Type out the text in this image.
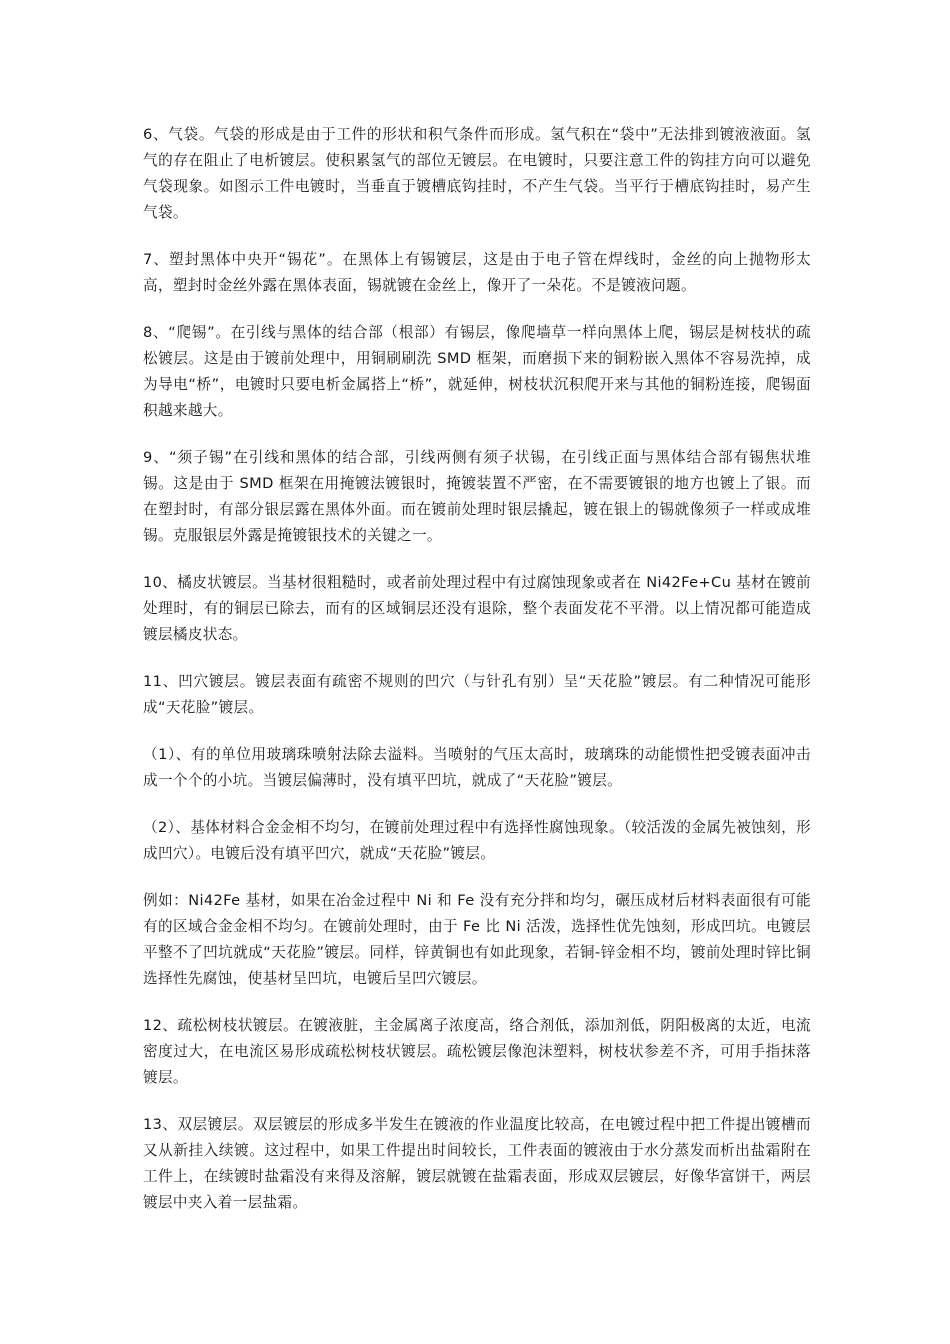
6、气袋。气袋的形成是由于工件的形状和积气条件而形成。氢气积在“袋中”无法排到镀液液面。氢气的存在阻止了电析镀层。使积累氢气的部位无镀层。在电镀时，只要注意工件的钩挂方向可以避免气袋现象。如图示工件电镀时，当垂直于镀槽底钩挂时，不产生气袋。当平行于槽底钩挂时，易产生气袋。

7、塑封黑体中央开“锡花”。在黑体上有锡镀层，这是由于电子管在焊线时，金丝的向上抛物形太高，塑封时金丝外露在黑体表面，锡就镀在金丝上，像开了一朵花。不是镀液问题。

8、“爬锡”。在引线与黑体的结合部（根部）有锡层，像爬墙草一样向黑体上爬，锡层是树枝状的疏松镀层。这是由于镀前处理中，用铜刷刷洗 SMD 框架，而磨损下来的铜粉嵌入黑体不容易洗掉，成为导电“桥”，电镀时只要电析金属搭上“桥”，就延伸，树枝状沉积爬开来与其他的铜粉连接，爬锡面积越来越大。

9、“须子锡”在引线和黑体的结合部，引线两侧有须子状锡，在引线正面与黑体结合部有锡焦状堆锡。这是由于 SMD 框架在用掩镀法镀银时，掩镀装置不严密，在不需要镀银的地方也镀上了银。而在塑封时，有部分银层露在黑体外面。而在镀前处理时银层撬起，镀在银上的锡就像须子一样或成堆锡。克服银层外露是掩镀银技术的关键之一。

10、橘皮状镀层。当基材很粗糙时，或者前处理过程中有过腐蚀现象或者在 Ni42Fe+Cu 基材在镀前处理时，有的铜层已除去，而有的区域铜层还没有退除，整个表面发花不平滑。以上情况都可能造成镀层橘皮状态。

11、凹穴镀层。镀层表面有疏密不规则的凹穴（与针孔有别）呈“天花脸”镀层。有二种情况可能形成“天花脸”镀层。

（1）、有的单位用玻璃珠喷射法除去溢料。当喷射的气压太高时，玻璃珠的动能惯性把受镀表面冲击成一个个的小坑。当镀层偏薄时，没有填平凹坑，就成了“天花脸”镀层。

（2）、基体材料合金金相不均匀，在镀前处理过程中有选择性腐蚀现象。（较活泼的金属先被蚀刻，形成凹穴）。电镀后没有填平凹穴，就成“天花脸”镀层。

例如：Ni42Fe 基材，如果在冶金过程中 Ni 和 Fe 没有充分拌和均匀，碾压成材后材料表面很有可能有的区域合金金相不均匀。在镀前处理时，由于 Fe 比 Ni 活泼，选择性优先蚀刻，形成凹坑。电镀层平整不了凹坑就成“天花脸”镀层。同样，锌黄铜也有如此现象，若铜-锌金相不均，镀前处理时锌比铜选择性先腐蚀，使基材呈凹坑，电镀后呈凹穴镀层。

12、疏松树枝状镀层。在镀液脏，主金属离子浓度高，络合剂低，添加剂低，阴阳极离的太近，电流密度过大，在电流区易形成疏松树枝状镀层。疏松镀层像泡沫塑料，树枝状参差不齐，可用手指抹落镀层。

13、双层镀层。双层镀层的形成多半发生在镀液的作业温度比较高，在电镀过程中把工件提出镀槽而又从新挂入续镀。这过程中，如果工件提出时间较长，工件表面的镀液由于水分蒸发而析出盐霜附在工件上，在续镀时盐霜没有来得及溶解，镀层就镀在盐霜表面，形成双层镀层，好像华富饼干，两层镀层中夹入着一层盐霜。
